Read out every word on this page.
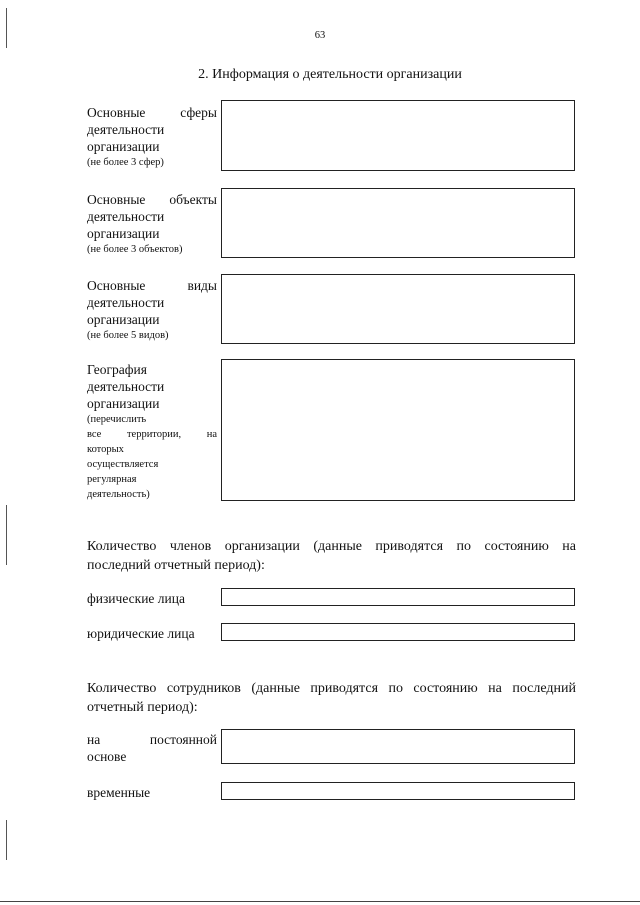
63
2. Информация о деятельности организации
Основные сферы
деятельности
организации
(не более 3 сфер)
Основные объекты
деятельности
организации
(не более 3 объектов)
Основные виды
деятельности
организации
(не более 5 видов)
География
деятельности
организации
(перечислить
все территории, на
которых
осуществляется
регулярная
деятельность)
Количество членов организации (данные приводятся по состоянию на
последний отчетный период):
физические лица
юридические лица
Количество сотрудников (данные приводятся по состоянию на последний
отчетный период):
на постоянной
основе
временные
